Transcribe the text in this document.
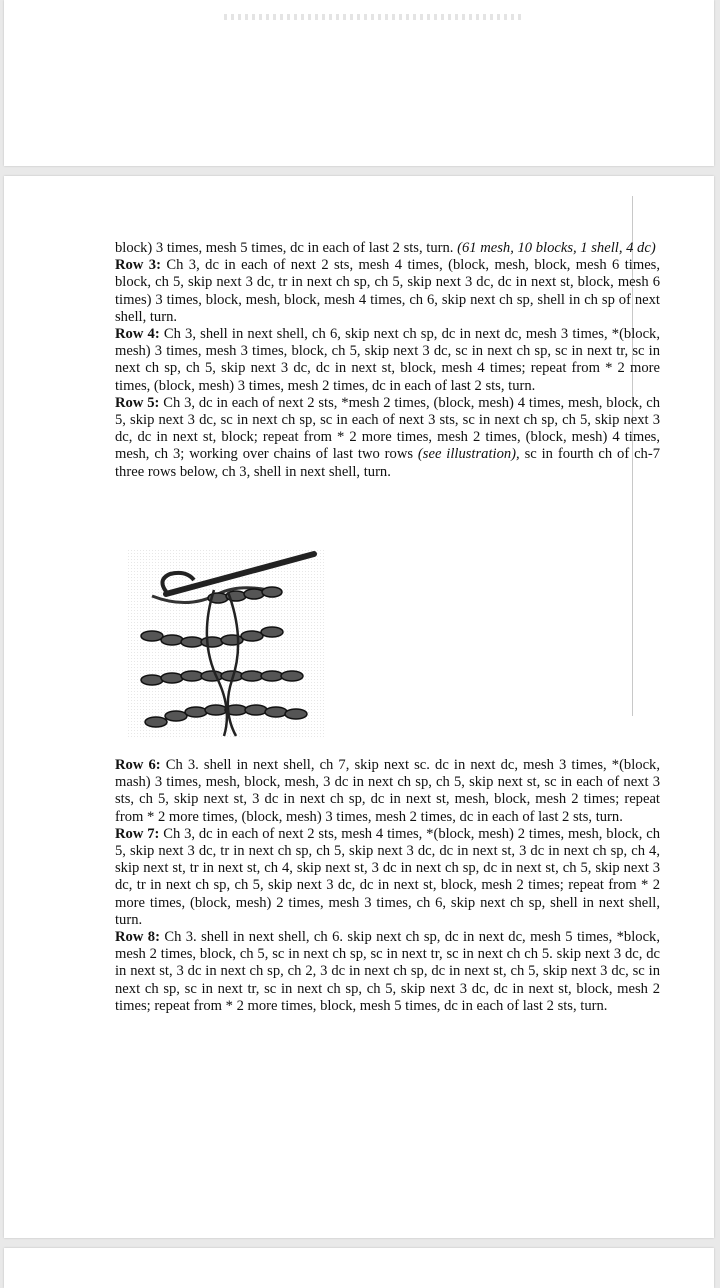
block) 3 times, mesh 5 times, dc in each of last 2 sts, turn. (61 mesh, 10 blocks, 1 shell, 4 dc)

Row 3: Ch 3, dc in each of next 2 sts, mesh 4 times, (block, mesh, block, mesh 6 times, block, ch 5, skip next 3 dc, tr in next ch sp, ch 5, skip next 3 dc, dc in next st, block, mesh 6 times) 3 times, block, mesh, block, mesh 4 times, ch 6, skip next ch sp, shell in ch sp of next shell, turn.

Row 4: Ch 3, shell in next shell, ch 6, skip next ch sp, dc in next dc, mesh 3 times, *(block, mesh) 3 times, mesh 3 times, block, ch 5, skip next 3 dc, sc in next ch sp, sc in next tr, sc in next ch sp, ch 5, skip next 3 dc, dc in next st, block, mesh 4 times; repeat from * 2 more times, (block, mesh) 3 times, mesh 2 times, dc in each of last 2 sts, turn.

Row 5: Ch 3, dc in each of next 2 sts, *mesh 2 times, (block, mesh) 4 times, mesh, block, ch 5, skip next 3 dc, sc in next ch sp, sc in each of next 3 sts, sc in next ch sp, ch 5, skip next 3 dc, dc in next st, block; repeat from * 2 more times, mesh 2 times, (block, mesh) 4 times, mesh, ch 3; working over chains of last two rows (see illustration), sc in fourth ch of ch-7 three rows below, ch 3, shell in next shell, turn.

Row 6: Ch 3. shell in next shell, ch 7, skip next sc. dc in next dc, mesh 3 times, *(block, mash) 3 times, mesh, block, mesh, 3 dc in next ch sp, ch 5, skip next st, sc in each of next 3 sts, ch 5, skip next st, 3 dc in next ch sp, dc in next st, mesh, block, mesh 2 times; repeat from * 2 more times, (block, mesh) 3 times, mesh 2 times, dc in each of last 2 sts, turn.

Row 7: Ch 3, dc in each of next 2 sts, mesh 4 times, *(block, mesh) 2 times, mesh, block, ch 5, skip next 3 dc, tr in next ch sp, ch 5, skip next 3 dc, dc in next st, 3 dc in next ch sp, ch 4, skip next st, tr in next st, ch 4, skip next st, 3 dc in next ch sp, dc in next st, ch 5, skip next 3 dc, tr in next ch sp, ch 5, skip next 3 dc, dc in next st, block, mesh 2 times; repeat from * 2 more times, (block, mesh) 2 times, mesh 3 times, ch 6, skip next ch sp, shell in next shell, turn.

Row 8: Ch 3. shell in next shell, ch 6. skip next ch sp, dc in next dc, mesh 5 times, *block, mesh 2 times, block, ch 5, sc in next ch sp, sc in next tr, sc in next ch ch 5. skip next 3 dc, dc in next st, 3 dc in next ch sp, ch 2, 3 dc in next ch sp, dc in next st, ch 5, skip next 3 dc, sc in next ch sp, sc in next tr, sc in next ch sp, ch 5, skip next 3 dc, dc in next st, block, mesh 2 times; repeat from * 2 more times, block, mesh 5 times, dc in each of last 2 sts, turn.
